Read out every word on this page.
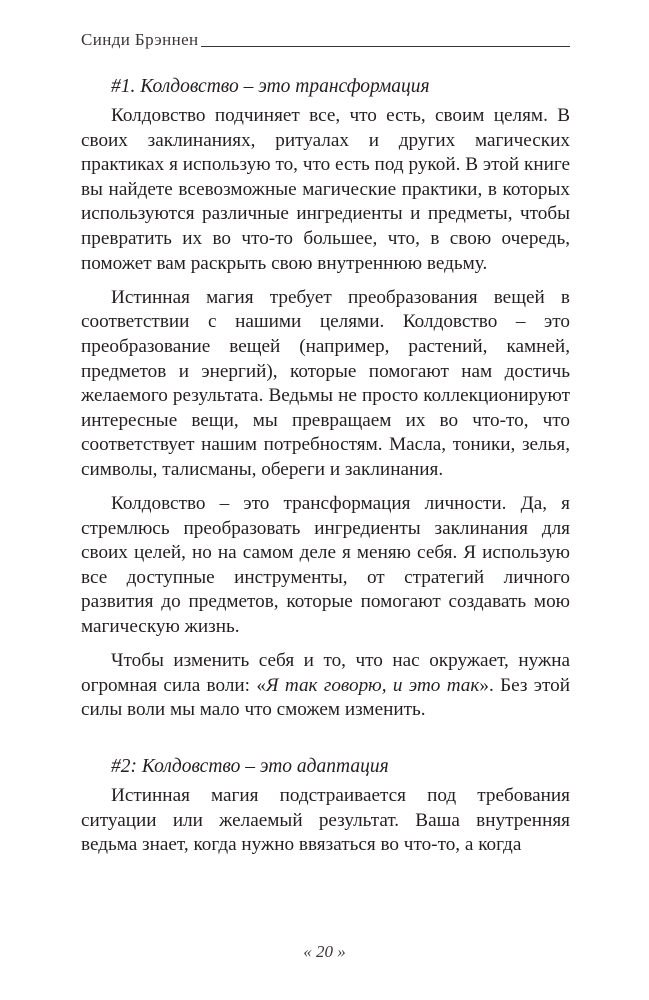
Синди Брэннен
#1. Колдовство – это трансформация

Колдовство подчиняет все, что есть, своим целям. В своих заклинаниях, ритуалах и других магических практиках я использую то, что есть под рукой. В этой книге вы найдете всевозможные магические практики, в которых используются различные ингредиенты и предметы, чтобы превратить их во что-то большее, что, в свою очередь, поможет вам раскрыть свою внутреннюю ведьму.

Истинная магия требует преобразования вещей в соответствии с нашими целями. Колдовство – это преобразование вещей (например, растений, камней, предметов и энергий), которые помогают нам достичь желаемого результата. Ведьмы не просто коллекционируют интересные вещи, мы превращаем их во что-то, что соответствует нашим потребностям. Масла, тоники, зелья, символы, талисманы, обереги и заклинания.

Колдовство – это трансформация личности. Да, я стремлюсь преобразовать ингредиенты заклинания для своих целей, но на самом деле я меняю себя. Я использую все доступные инструменты, от стратегий личного развития до предметов, которые помогают создавать мою магическую жизнь.

Чтобы изменить себя и то, что нас окружает, нужна огромная сила воли: «Я так говорю, и это так». Без этой силы воли мы мало что сможем изменить.

#2: Колдовство – это адаптация

Истинная магия подстраивается под требования ситуации или желаемый результат. Ваша внутренняя ведьма знает, когда нужно ввязаться во что-то, а когда

« 20 »
